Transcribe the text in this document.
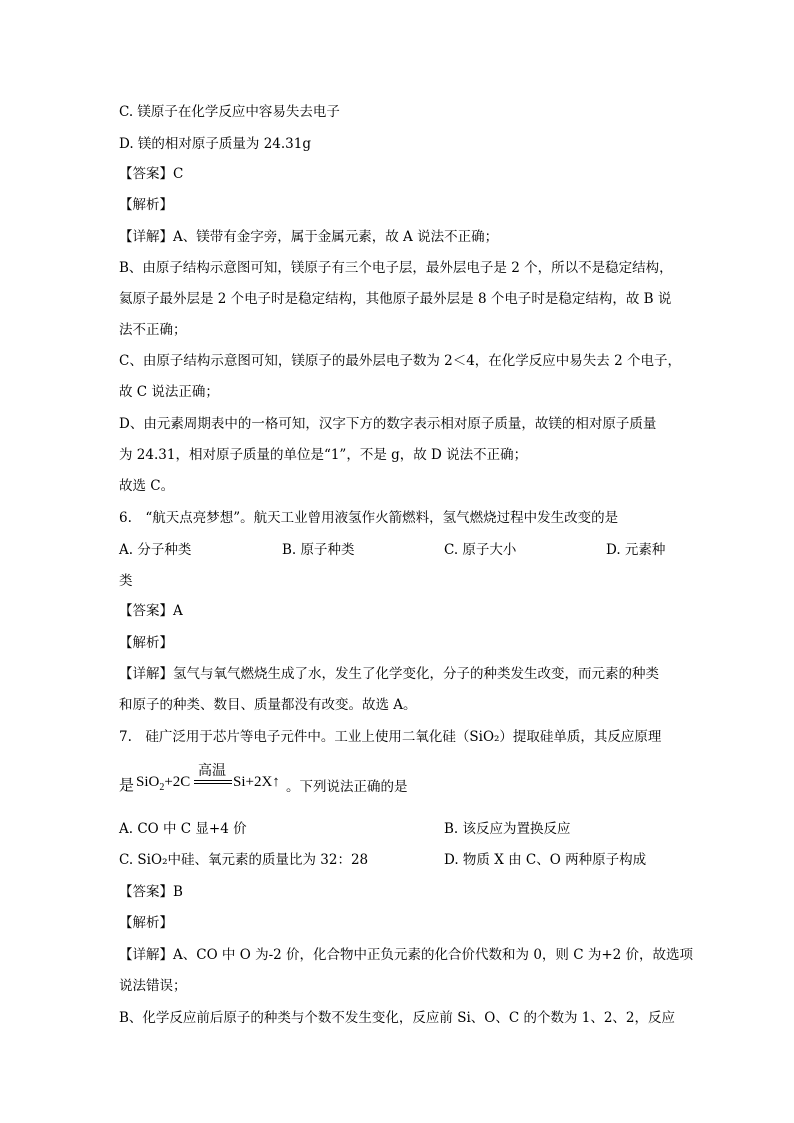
C. 镁原子在化学反应中容易失去电子
D. 镁的相对原子质量为 24.31g
【答案】C
【解析】
【详解】A、镁带有金字旁，属于金属元素，故 A 说法不正确；
B、由原子结构示意图可知，镁原子有三个电子层，最外层电子是 2 个，所以不是稳定结构，
氦原子最外层是 2 个电子时是稳定结构，其他原子最外层是 8 个电子时是稳定结构，故 B 说
法不正确；
C、由原子结构示意图可知，镁原子的最外层电子数为 2＜4，在化学反应中易失去 2 个电子，
故 C 说法正确；
D、由元素周期表中的一格可知，汉字下方的数字表示相对原子质量，故镁的相对原子质量
为 24.31，相对原子质量的单位是“1”，不是 g，故 D 说法不正确；
故选 C。
6.　“航天点亮梦想”。航天工业曾用液氢作火箭燃料，氢气燃烧过程中发生改变的是
A. 分子种类	B. 原子种类	C. 原子大小	D. 元素种
类
【答案】A
【解析】
【详解】氢气与氧气燃烧生成了水，发生了化学变化，分子的种类发生改变，而元素的种类
和原子的种类、数目、质量都没有改变。故选 A。
7.　硅广泛用于芯片等电子元件中。工业上使用二氧化硅（SiO₂）提取硅单质，其反应原理
是 SiO$_2$+2C
高温
Si+2X↑ 。下列说法正确的是
A. CO 中 C 显+4 价	B. 该反应为置换反应
C. SiO₂中硅、氧元素的质量比为 32：28	D. 物质 X 由 C、O 两种原子构成
【答案】B
【解析】
【详解】A、CO 中 O 为-2 价，化合物中正负元素的化合价代数和为 0，则 C 为+2 价，故选项
说法错误；
B、化学反应前后原子的种类与个数不发生变化，反应前 Si、O、C 的个数为 1、2、2，反应
